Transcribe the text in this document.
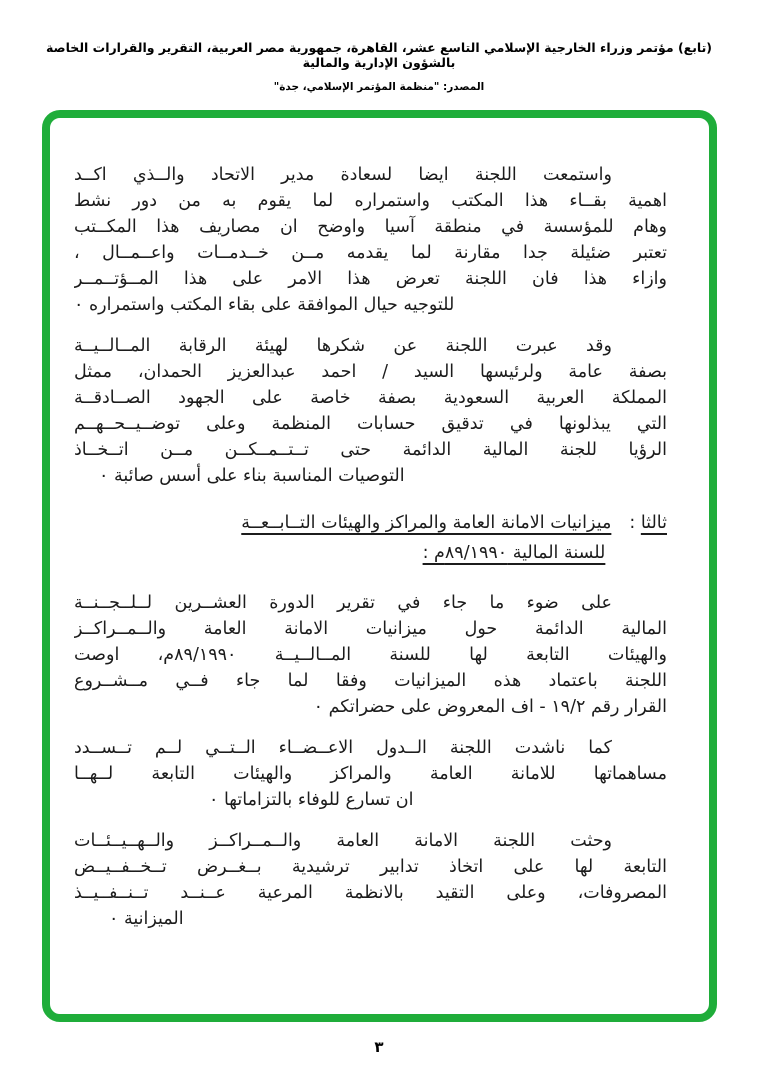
(تابع) مؤتمر وزراء الخارجية الإسلامي التاسع عشر، القاهرة، جمهورية مصر العربية، التقرير والقرارات الخاصة بالشؤون الإدارية والمالية
المصدر: "منظمة المؤتمر الإسلامي، جدة"
واستمعت اللجنة ايضا لسعادة مدير الاتحاد والــذي اكــد
اهمية بقــاء هذا المكتب واستمراره لما يقوم به من دور نشط
وهام للمؤسسة في منطقة آسيا واوضح ان مصاريف هذا المكــتب
تعتبر ضئيلة جدا مقارنة لما يقدمه مــن خــدمــات واعــمــال ،
وازاء هذا فان اللجنة تعرض هذا الامر على هذا المــؤتــمــر
للتوجيه حيال الموافقة على بقاء المكتب واستمراره ٠
وقد عبرت اللجنة عن شكرها لهيئة الرقابة المــالــيــة
بصفة عامة ولرئيسها السيد / احمد عبدالعزيز الحمدان، ممثل
المملكة العربية السعودية بصفة خاصة على الجهود الصــادقــة
التي يبذلونها في تدقيق حسابات المنظمة وعلى توضــيــحــهــم
الرؤيا للجنة المالية الدائمة حتى تــتــمــكــن مــن اتــخــاذ
التوصيات المناسبة بناء على أسس صائبة ٠
ثالثا :
ميزانيات الامانة العامة والمراكز والهيئات التــابــعــة
للسنة المالية ٨٩/١٩٩٠م :
على ضوء ما جاء في تقرير الدورة العشــرين لــلــجــنــة
المالية الدائمة حول ميزانيات الامانة العامة والــمــراكــز
والهيئات التابعة لها للسنة المــالــيــة ٨٩/١٩٩٠م، اوصت
اللجنة باعتماد هذه الميزانيات وفقا لما جاء فــي مــشــروع
القرار رقم ١٩/٢ - اف المعروض على حضراتكم ٠
كما ناشدت اللجنة الــدول الاعــضــاء الــتــي لــم تــســدد
مساهماتها للامانة العامة والمراكز والهيئات التابعة لــهــا
ان تسارع للوفاء بالتزاماتها ٠
وحثت اللجنة الامانة العامة والــمــراكــز والــهــيــئــات
التابعة لها على اتخاذ تدابير ترشيدية بــغــرض تــخــفــيــض
المصروفات، وعلى التقيد بالانظمة المرعية عــنــد تــنــفــيــذ
الميزانية ٠
٣
